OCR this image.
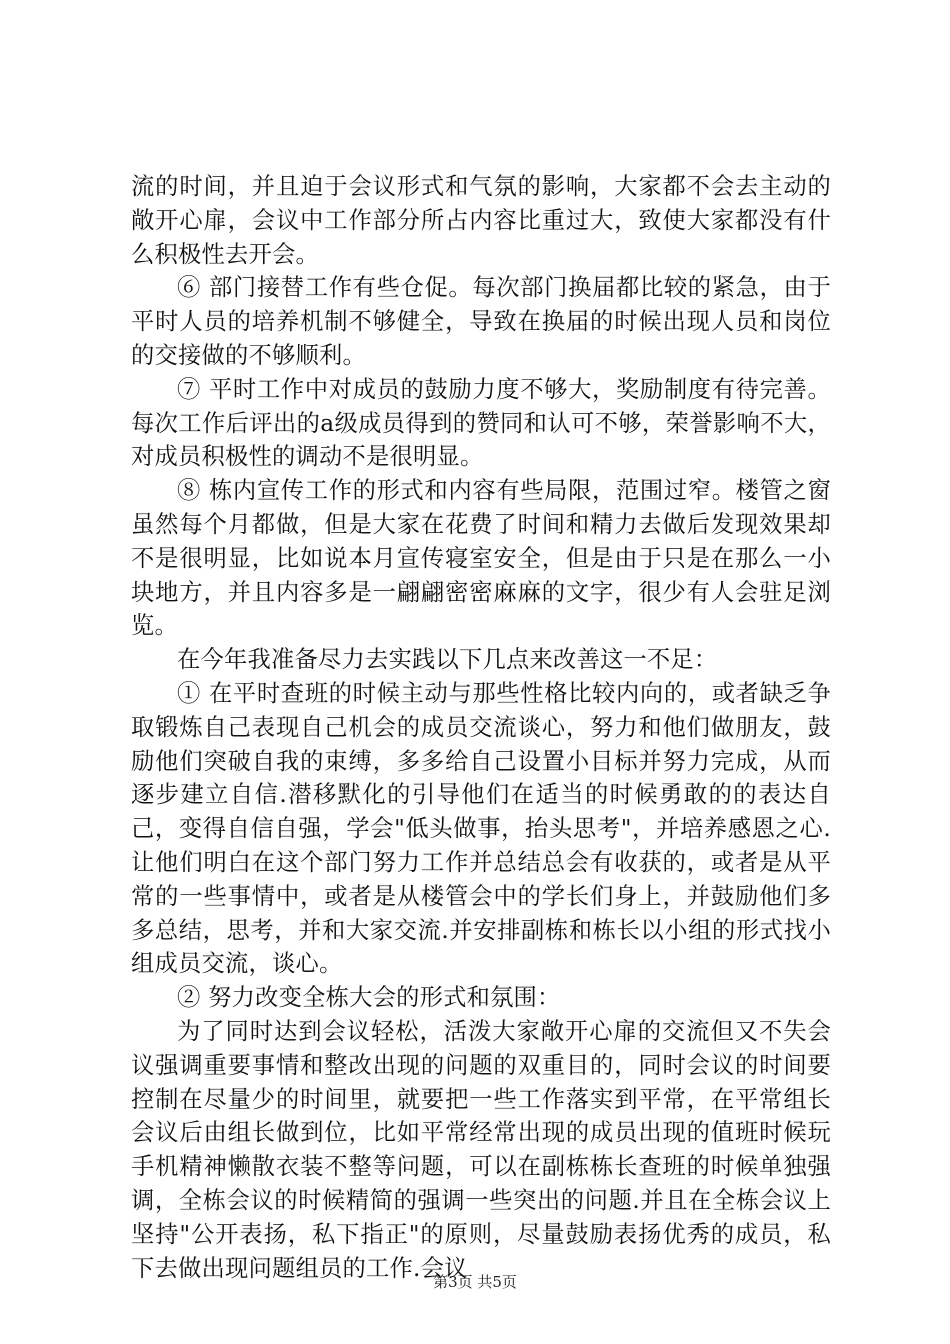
流的时间，并且迫于会议形式和气氛的影响，大家都不会去主动的敞开心扉，会议中工作部分所占内容比重过大，致使大家都没有什么积极性去开会。

⑥ 部门接替工作有些仓促。每次部门换届都比较的紧急，由于平时人员的培养机制不够健全，导致在换届的时候出现人员和岗位的交接做的不够顺利。

⑦ 平时工作中对成员的鼓励力度不够大，奖励制度有待完善。每次工作后评出的a级成员得到的赞同和认可不够，荣誉影响不大，对成员积极性的调动不是很明显。

⑧ 栋内宣传工作的形式和内容有些局限，范围过窄。楼管之窗虽然每个月都做，但是大家在花费了时间和精力去做后发现效果却不是很明显，比如说本月宣传寝室安全，但是由于只是在那么一小块地方，并且内容多是一翩翩密密麻麻的文字，很少有人会驻足浏览。

在今年我准备尽力去实践以下几点来改善这一不足：

① 在平时查班的时候主动与那些性格比较内向的，或者缺乏争取锻炼自己表现自己机会的成员交流谈心，努力和他们做朋友，鼓励他们突破自我的束缚，多多给自己设置小目标并努力完成，从而逐步建立自信.潜移默化的引导他们在适当的时候勇敢的的表达自己，变得自信自强，学会"低头做事，抬头思考"，并培养感恩之心.让他们明白在这个部门努力工作并总结总会有收获的，或者是从平常的一些事情中，或者是从楼管会中的学长们身上，并鼓励他们多多总结，思考，并和大家交流.并安排副栋和栋长以小组的形式找小组成员交流，谈心。

② 努力改变全栋大会的形式和氛围：

为了同时达到会议轻松，活泼大家敞开心扉的交流但又不失会议强调重要事情和整改出现的问题的双重目的，同时会议的时间要控制在尽量少的时间里，就要把一些工作落实到平常，在平常组长会议后由组长做到位，比如平常经常出现的成员出现的值班时候玩手机精神懒散衣装不整等问题，可以在副栋栋长查班的时候单独强调，全栋会议的时候精简的强调一些突出的问题.并且在全栋会议上坚持"公开表扬，私下指正"的原则，尽量鼓励表扬优秀的成员，私下去做出现问题组员的工作.会议

第3页 共5页
